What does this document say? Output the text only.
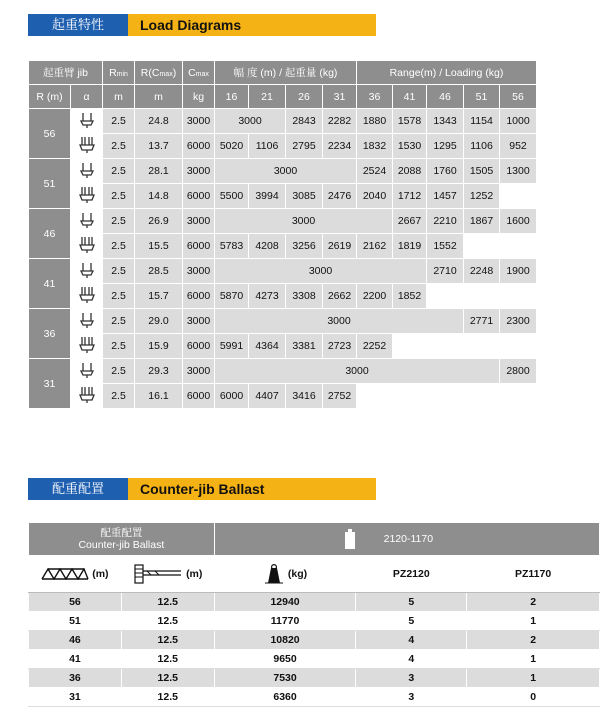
起重特性	Load Diagrams
起重臂 jib		Rmin	R(Cmax)	Cmax	幅 度 (m) / 起重量 (kg)				Range(m) / Loading (kg)				
R (m)	α	m	m	kg	16	21	26	31	36	41	46	51	56
56		2.5	24.8	3000	3000		2843	2282	1880	1578	1343	1154	1000
	2.5	13.7	6000	5020	1106	2795	2234	1832	1530	1295	1106	952
51		2.5	28.1	3000	3000				2524	2088	1760	1505	1300
	2.5	14.8	6000	5500	3994	3085	2476	2040	1712	1457	1252	
46		2.5	26.9	3000	3000					2667	2210	1867	1600
	2.5	15.5	6000	5783	4208	3256	2619	2162	1819	1552		
41		2.5	28.5	3000	3000						2710	2248	1900
	2.5	15.7	6000	5870	4273	3308	2662	2200	1852			
36		2.5	29.0	3000	3000							2771	2300
	2.5	15.9	6000	5991	4364	3381	2723	2252				
31		2.5	29.3	3000	3000								2800
	2.5	16.1	6000	6000	4407	3416	2752					
配重配置	Counter-jib Ballast
配重配置
Counter-jib Ballast		2120-1170		
(m)	(m)	(kg)	PZ2120	PZ1170
56	12.5	12940	5	2
51	12.5	11770	5	1
46	12.5	10820	4	2
41	12.5	9650	4	1
36	12.5	7530	3	1
31	12.5	6360	3	0
